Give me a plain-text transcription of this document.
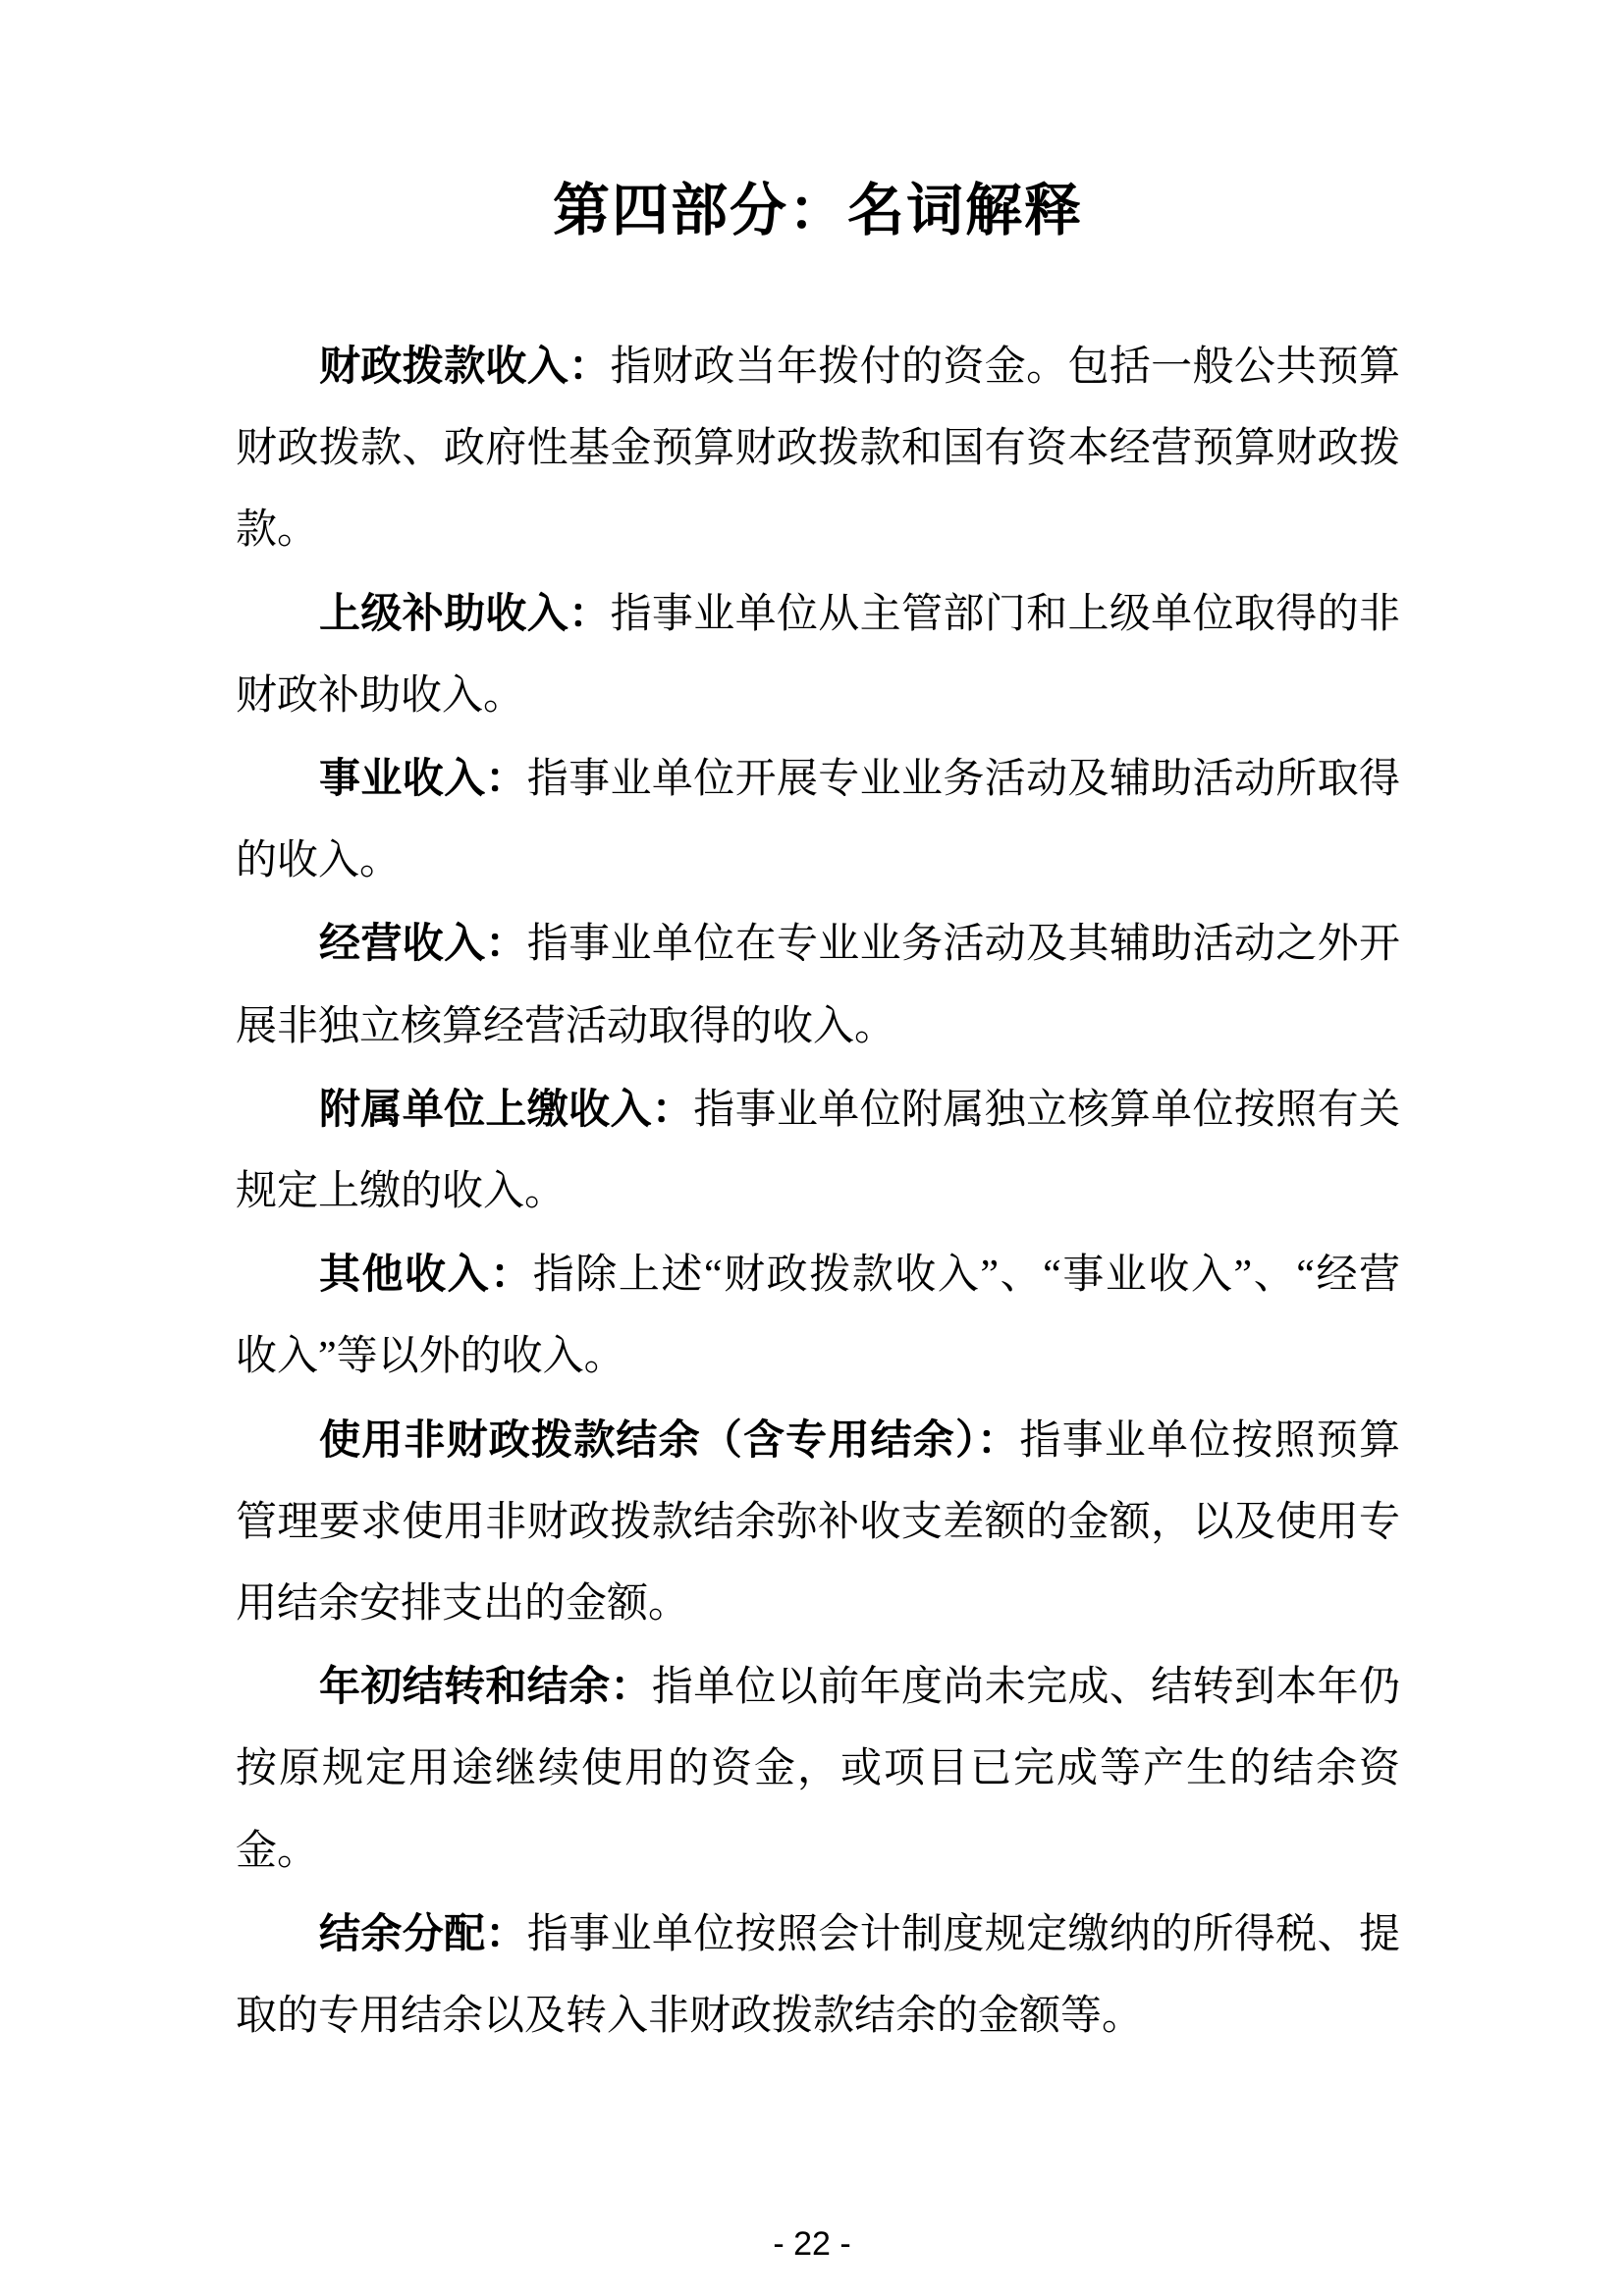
第四部分：名词解释

财政拨款收入：指财政当年拨付的资金。包括一般公共预算财政拨款、政府性基金预算财政拨款和国有资本经营预算财政拨款。

上级补助收入：指事业单位从主管部门和上级单位取得的非财政补助收入。

事业收入：指事业单位开展专业业务活动及辅助活动所取得的收入。

经营收入：指事业单位在专业业务活动及其辅助活动之外开展非独立核算经营活动取得的收入。

附属单位上缴收入：指事业单位附属独立核算单位按照有关规定上缴的收入。

其他收入：指除上述“财政拨款收入”、“事业收入”、“经营收入”等以外的收入。

使用非财政拨款结余（含专用结余）：指事业单位按照预算管理要求使用非财政拨款结余弥补收支差额的金额，以及使用专用结余安排支出的金额。

年初结转和结余：指单位以前年度尚未完成、结转到本年仍按原规定用途继续使用的资金，或项目已完成等产生的结余资金。

结余分配：指事业单位按照会计制度规定缴纳的所得税、提取的专用结余以及转入非财政拨款结余的金额等。

- 22 -
